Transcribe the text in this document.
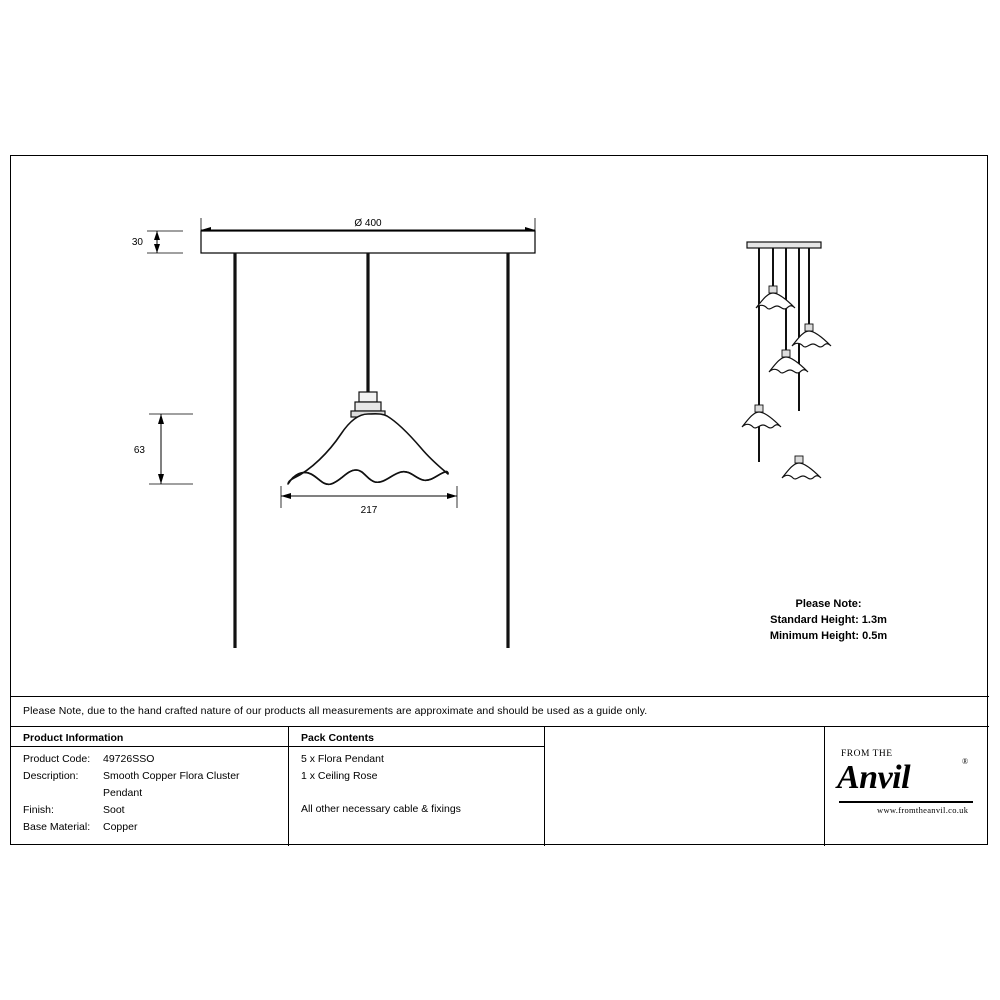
Ø 400
30
63
217
Please Note:
Standard Height: 1.3m
Minimum Height: 0.5m
Please Note, due to the hand crafted nature of our products all measurements are approximate and should be used as a guide only.
Product Information
Product Code: 49726SSO
Description: Smooth Copper Flora Cluster
Pendant
Finish:	Soot
Base Material: Copper
Pack Contents
5 x Flora Pendant
1 x Ceiling Rose
All other necessary cable & fixings
FROM THE
Anvil	®
www.fromtheanvil.co.uk
